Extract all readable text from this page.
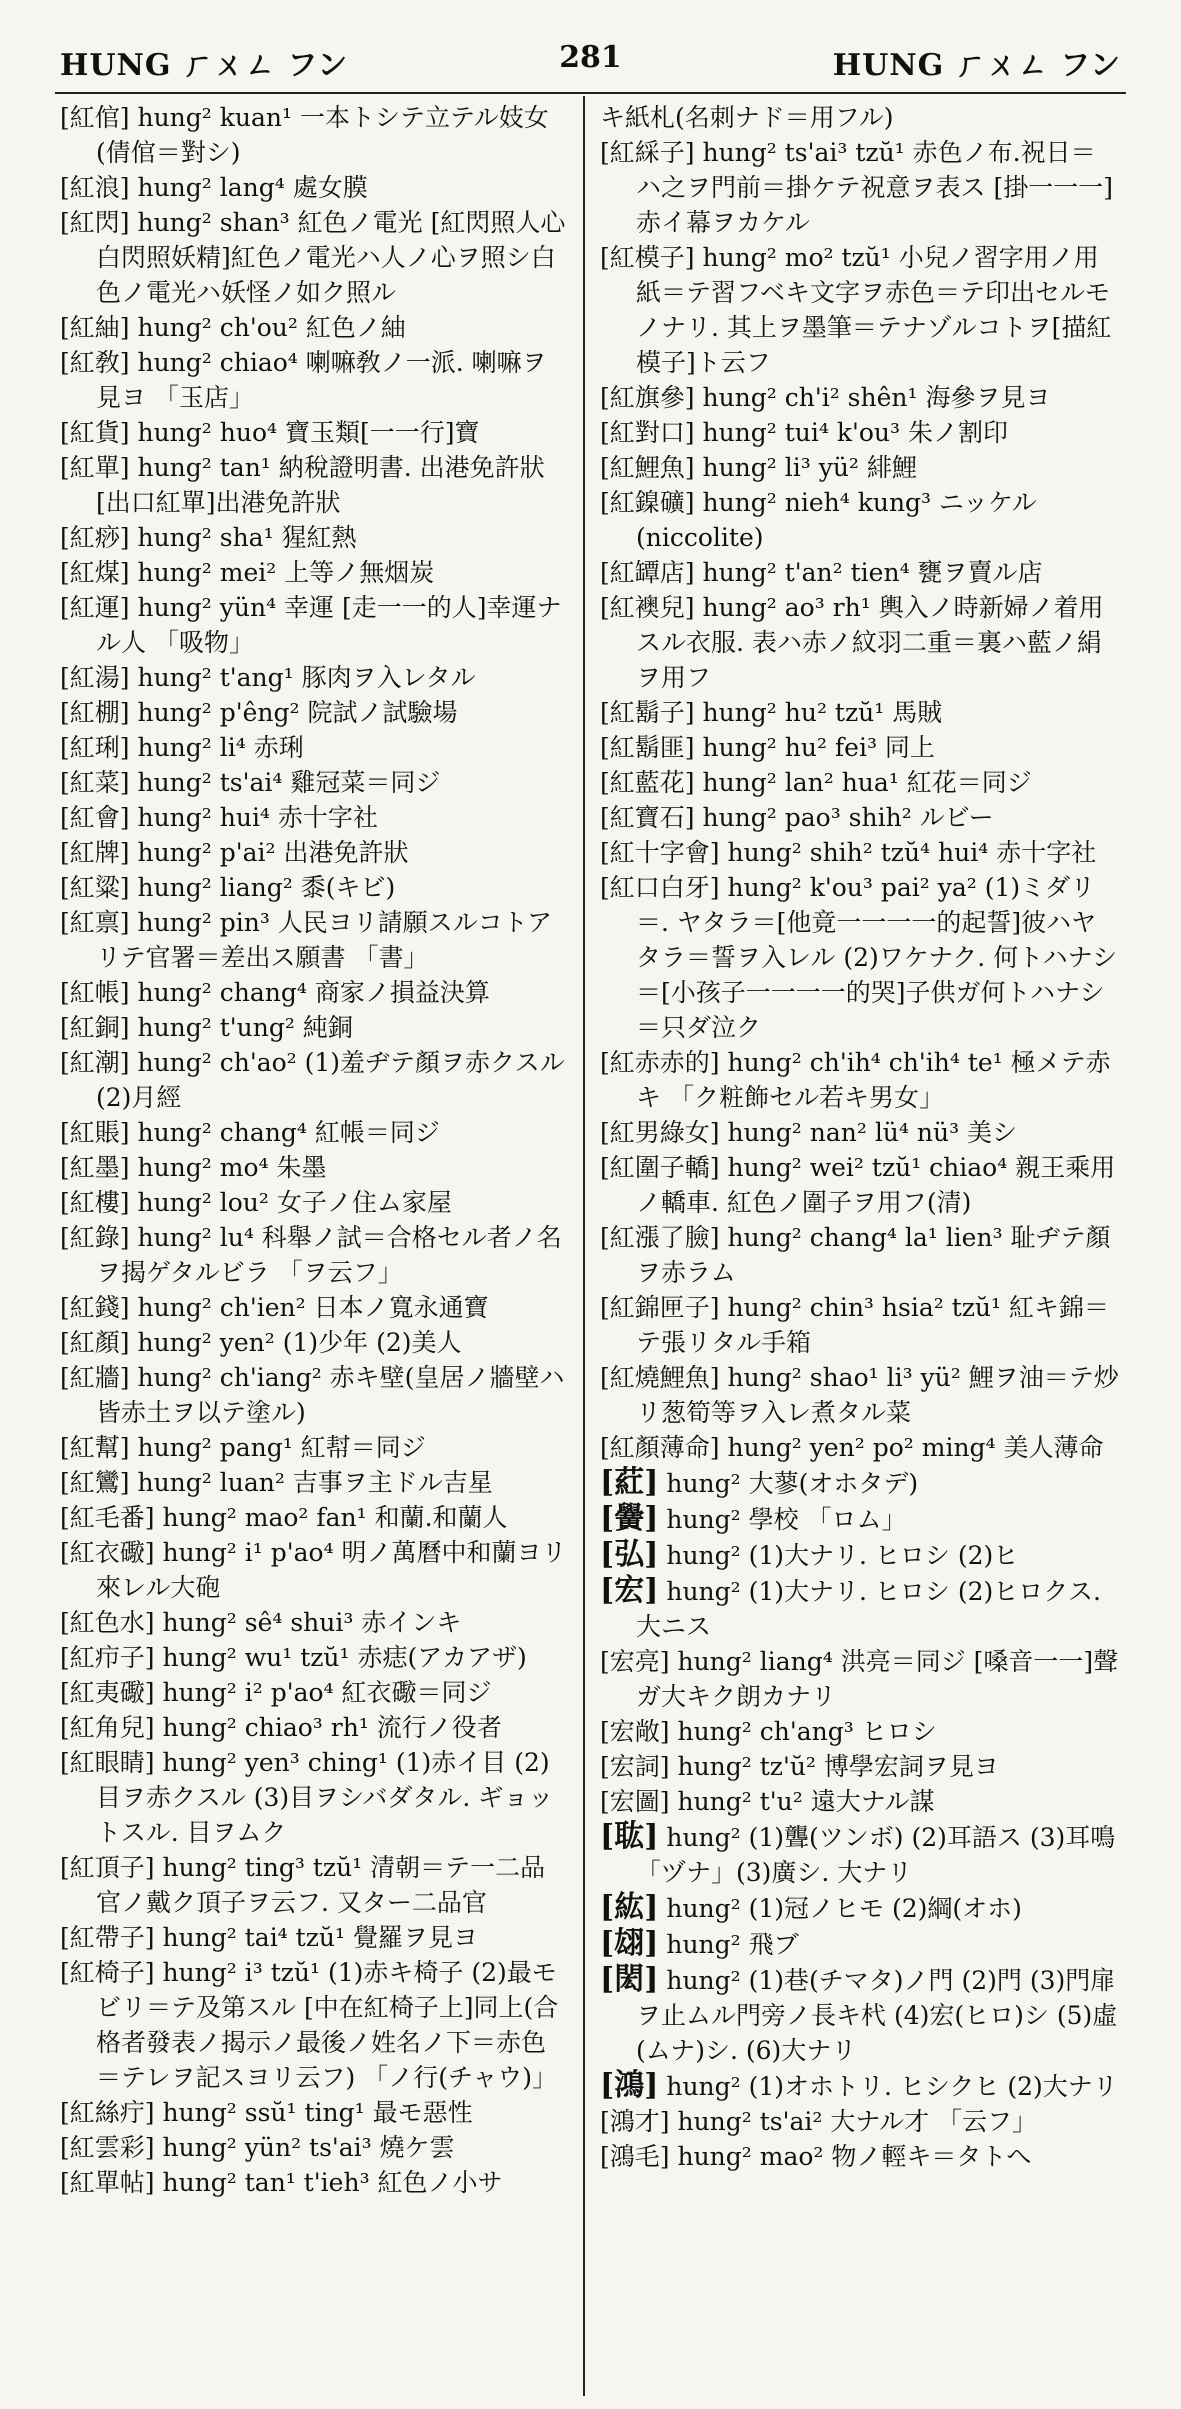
HUNG ㄏㄨㄥ フン	281	HUNG ㄏㄨㄥ フン

[紅倌] hung² kuan¹ 一本トシテ立テル妓女(倩倌＝對シ)

[紅浪] hung² lang⁴ 處女膜

[紅閃] hung² shan³ 紅色ノ電光 [紅閃照人心白閃照妖精]紅色ノ電光ハ人ノ心ヲ照シ白色ノ電光ハ妖怪ノ如ク照ル

[紅紬] hung² ch'ou² 紅色ノ紬

[紅敎] hung² chiao⁴ 喇嘛敎ノ一派. 喇嘛ヲ見ヨ 「玉店」

[紅貨] hung² huo⁴ 寶玉類[一一行]寶

[紅單] hung² tan¹ 納稅證明書. 出港免許狀[出口紅單]出港免許狀

[紅痧] hung² sha¹ 猩紅熱

[紅煤] hung² mei² 上等ノ無烟炭

[紅運] hung² yün⁴ 幸運 [走一一的人]幸運ナル人 「吸物」

[紅湯] hung² t'ang¹ 豚肉ヲ入レタル

[紅棚] hung² p'êng² 院試ノ試驗場

[紅琍] hung² li⁴ 赤琍

[紅菜] hung² ts'ai⁴ 雞冠菜＝同ジ

[紅會] hung² hui⁴ 赤十字社

[紅牌] hung² p'ai² 出港免許狀

[紅粱] hung² liang² 黍(キビ)

[紅禀] hung² pin³ 人民ヨリ請願スルコトアリテ官署＝差出ス願書 「書」

[紅帳] hung² chang⁴ 商家ノ損益決算

[紅銅] hung² t'ung² 純銅

[紅潮] hung² ch'ao² (1)羞ヂテ顏ヲ赤クスル (2)月經

[紅賬] hung² chang⁴ 紅帳＝同ジ

[紅墨] hung² mo⁴ 朱墨

[紅樓] hung² lou² 女子ノ住ム家屋

[紅錄] hung² lu⁴ 科舉ノ試＝合格セル者ノ名ヲ揭ゲタルビラ 「ヲ云フ」

[紅錢] hung² ch'ien² 日本ノ寬永通寶

[紅顏] hung² yen² (1)少年 (2)美人

[紅牆] hung² ch'iang² 赤キ壁(皇居ノ牆壁ハ皆赤土ヲ以テ塗ル)

[紅幫] hung² pang¹ 紅幇＝同ジ

[紅鸞] hung² luan² 吉事ヲ主ドル吉星

[紅毛番] hung² mao² fan¹ 和蘭.和蘭人

[紅衣礮] hung² i¹ p'ao⁴ 明ノ萬曆中和蘭ヨリ來レル大砲

[紅色水] hung² sê⁴ shui³ 赤インキ

[紅疖子] hung² wu¹ tzŭ¹ 赤痣(アカアザ)

[紅夷礮] hung² i² p'ao⁴ 紅衣礮＝同ジ

[紅角兒] hung² chiao³ rh¹ 流行ノ役者

[紅眼睛] hung² yen³ ching¹ (1)赤イ目 (2)目ヲ赤クスル (3)目ヲシバダタル. ギョットスル. 目ヲムク

[紅頂子] hung² ting³ tzŭ¹ 清朝＝テ一二品官ノ戴ク頂子ヲ云フ. 又ター二品官

[紅帶子] hung² tai⁴ tzŭ¹ 覺羅ヲ見ヨ

[紅椅子] hung² i³ tzŭ¹ (1)赤キ椅子 (2)最モビリ＝テ及第スル [中在紅椅子上]同上(合格者發表ノ揭示ノ最後ノ姓名ノ下＝赤色＝テレヲ記スヨリ云フ) 「ノ行(チャウ)」

[紅絲疔] hung² ssŭ¹ ting¹ 最モ惡性

[紅雲彩] hung² yün² ts'ai³ 燒ケ雲

[紅單帖] hung² tan¹ t'ieh³ 紅色ノ小サ

キ紙札(名刺ナド＝用フル)

[紅綵子] hung² ts'ai³ tzŭ¹ 赤色ノ布.祝日＝ハ之ヲ門前＝掛ケテ祝意ヲ表ス [掛一一一]赤イ幕ヲカケル

[紅模子] hung² mo² tzŭ¹ 小兒ノ習字用ノ用紙＝テ習フベキ文字ヲ赤色＝テ印出セルモノナリ. 其上ヲ墨筆＝テナゾルコトヲ[描紅模子]ト云フ

[紅旗參] hung² ch'i² shên¹ 海參ヲ見ヨ

[紅對口] hung² tui⁴ k'ou³ 朱ノ割印

[紅鯉魚] hung² li³ yü² 緋鯉

[紅鎳礦] hung² nieh⁴ kung³ ニッケル (niccolite)

[紅罈店] hung² t'an² tien⁴ 甕ヲ賣ル店

[紅襖兒] hung² ao³ rh¹ 輿入ノ時新婦ノ着用スル衣服. 表ハ赤ノ紋羽二重＝裏ハ藍ノ絹ヲ用フ

[紅鬍子] hung² hu² tzŭ¹ 馬賊

[紅鬍匪] hung² hu² fei³ 同上

[紅藍花] hung² lan² hua¹ 紅花＝同ジ

[紅寶石] hung² pao³ shih² ルビー

[紅十字會] hung² shih² tzŭ⁴ hui⁴ 赤十字社

[紅口白牙] hung² k'ou³ pai² ya² (1)ミダリ＝. ヤタラ＝[他竟一一一一的起誓]彼ハヤタラ＝誓ヲ入レル (2)ワケナク. 何トハナシ＝[小孩子一一一一的哭]子供ガ何トハナシ＝只ダ泣ク

[紅赤赤的] hung² ch'ih⁴ ch'ih⁴ te¹ 極メテ赤キ 「ク粧飾セル若キ男女」

[紅男綠女] hung² nan² lü⁴ nü³ 美シ

[紅圍子轎] hung² wei² tzŭ¹ chiao⁴ 親王乘用ノ轎車. 紅色ノ圍子ヲ用フ(清)

[紅漲了臉] hung² chang⁴ la¹ lien³ 耻ヂテ顏ヲ赤ラム

[紅錦匣子] hung² chin³ hsia² tzŭ¹ 紅キ錦＝テ張リタル手箱

[紅燒鯉魚] hung² shao¹ li³ yü² 鯉ヲ油＝テ炒リ葱筍等ヲ入レ煮タル菜

[紅顏薄命] hung² yen² po² ming⁴ 美人薄命

[葒] hung² 大蓼(オホタデ)

[黌] hung² 學校 「ロム」

[弘] hung² (1)大ナリ. ヒロシ (2)ヒ

[宏] hung² (1)大ナリ. ヒロシ (2)ヒロクス. 大ニス

[宏亮] hung² liang⁴ 洪亮＝同ジ [嗓音一一]聲ガ大キク朗カナリ

[宏敞] hung² ch'ang³ ヒロシ

[宏詞] hung² tz'ŭ² 博學宏詞ヲ見ヨ

[宏圖] hung² t'u² 遠大ナル謀

[耾] hung² (1)聾(ツンボ) (2)耳語ス (3)耳鳴 「ヅナ」(3)廣シ. 大ナリ

[紘] hung² (1)冠ノヒモ (2)綱(オホ)

[翃] hung² 飛ブ

[閎] hung² (1)巷(チマタ)ノ門 (2)門 (3)門扉ヲ止ムル門旁ノ長キ杙 (4)宏(ヒロ)シ (5)虛(ムナ)シ. (6)大ナリ

[鴻] hung² (1)オホトリ. ヒシクヒ (2)大ナリ

[鴻才] hung² ts'ai² 大ナル才 「云フ」

[鴻毛] hung² mao² 物ノ輕キ＝タトへ
